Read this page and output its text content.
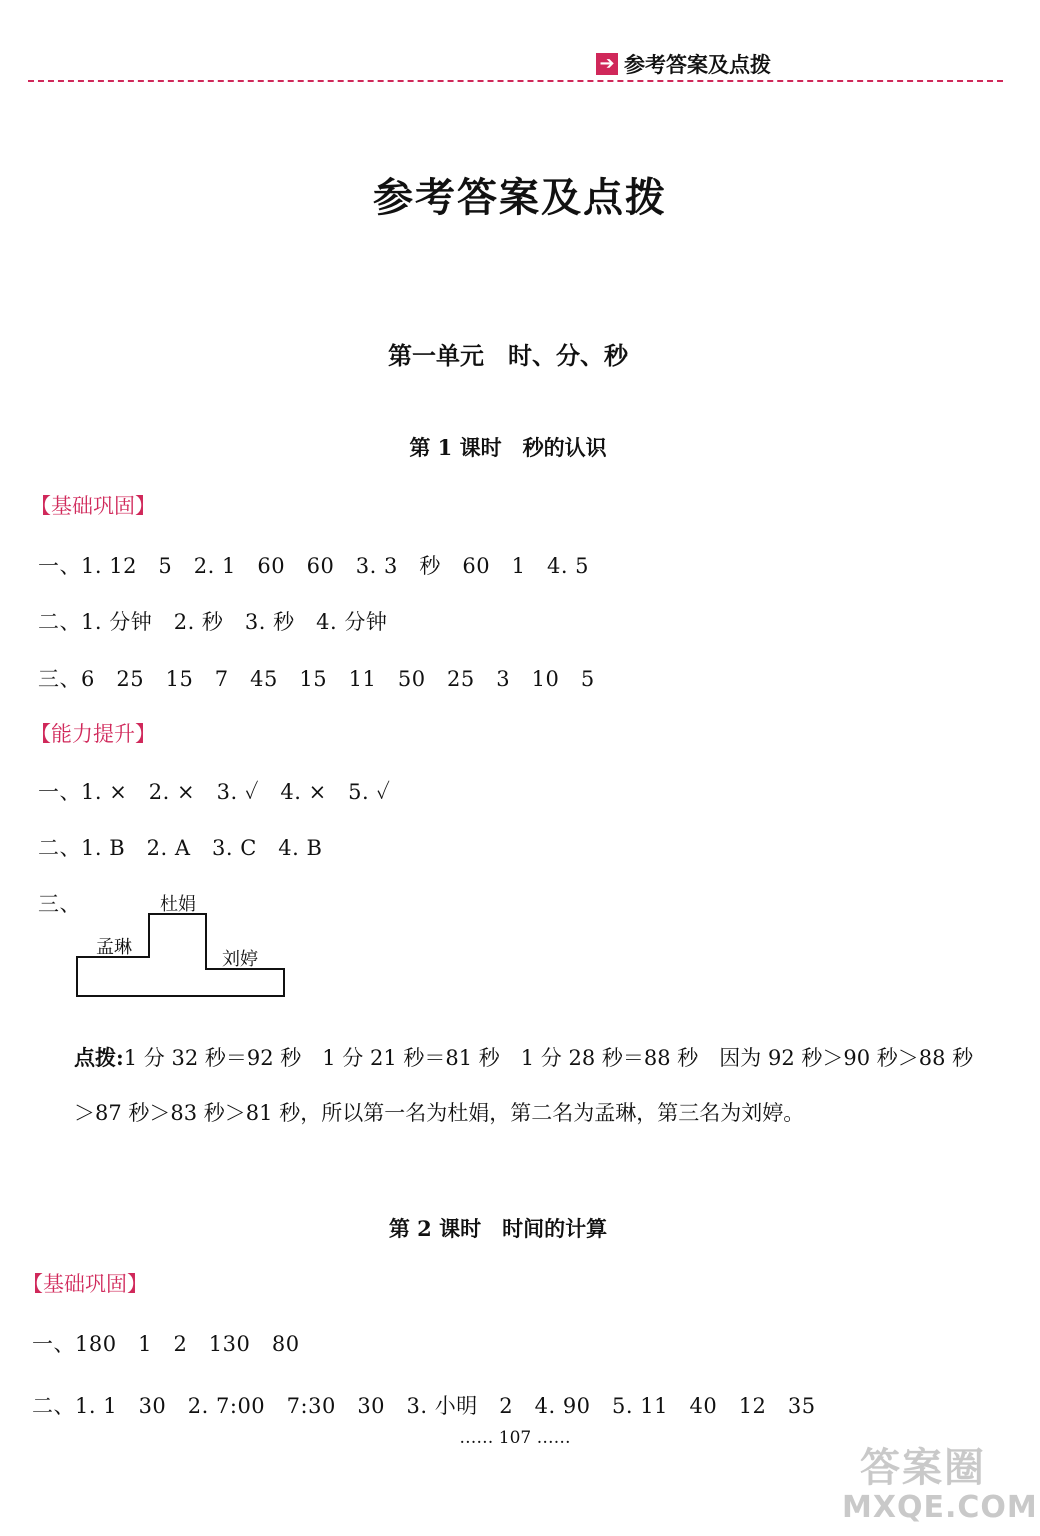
➔ 参考答案及点拨
参考答案及点拨
第一单元　时、分、秒
第 1 课时　秒的认识
【基础巩固】
一、1. 12　5　2. 1　60　60　3. 3　秒　60　1　4. 5
二、1. 分钟　2. 秒　3. 秒　4. 分钟
三、6　25　15　7　45　15　11　50　25　3　10　5
【能力提升】
一、1. ×　2. ×　3. ✓　4. ×　5. ✓
二、1. B　2. A　3. C　4. B
三、	杜娟
孟琳
刘婷
点拨:1 分 32 秒＝92 秒　1 分 21 秒＝81 秒　1 分 28 秒＝88 秒　因为 92 秒＞90 秒＞88 秒＞87 秒＞83 秒＞81 秒，所以第一名为杜娟，第二名为孟琳，第三名为刘婷。
第 2 课时　时间的计算
【基础巩固】
一、180　1　2　130　80
二、1. 1　30　2. 7:00　7:30　30　3. 小明　2　4. 90　5. 11　40　12　35
…… 107 ……
答案圈
MXQE.COM
